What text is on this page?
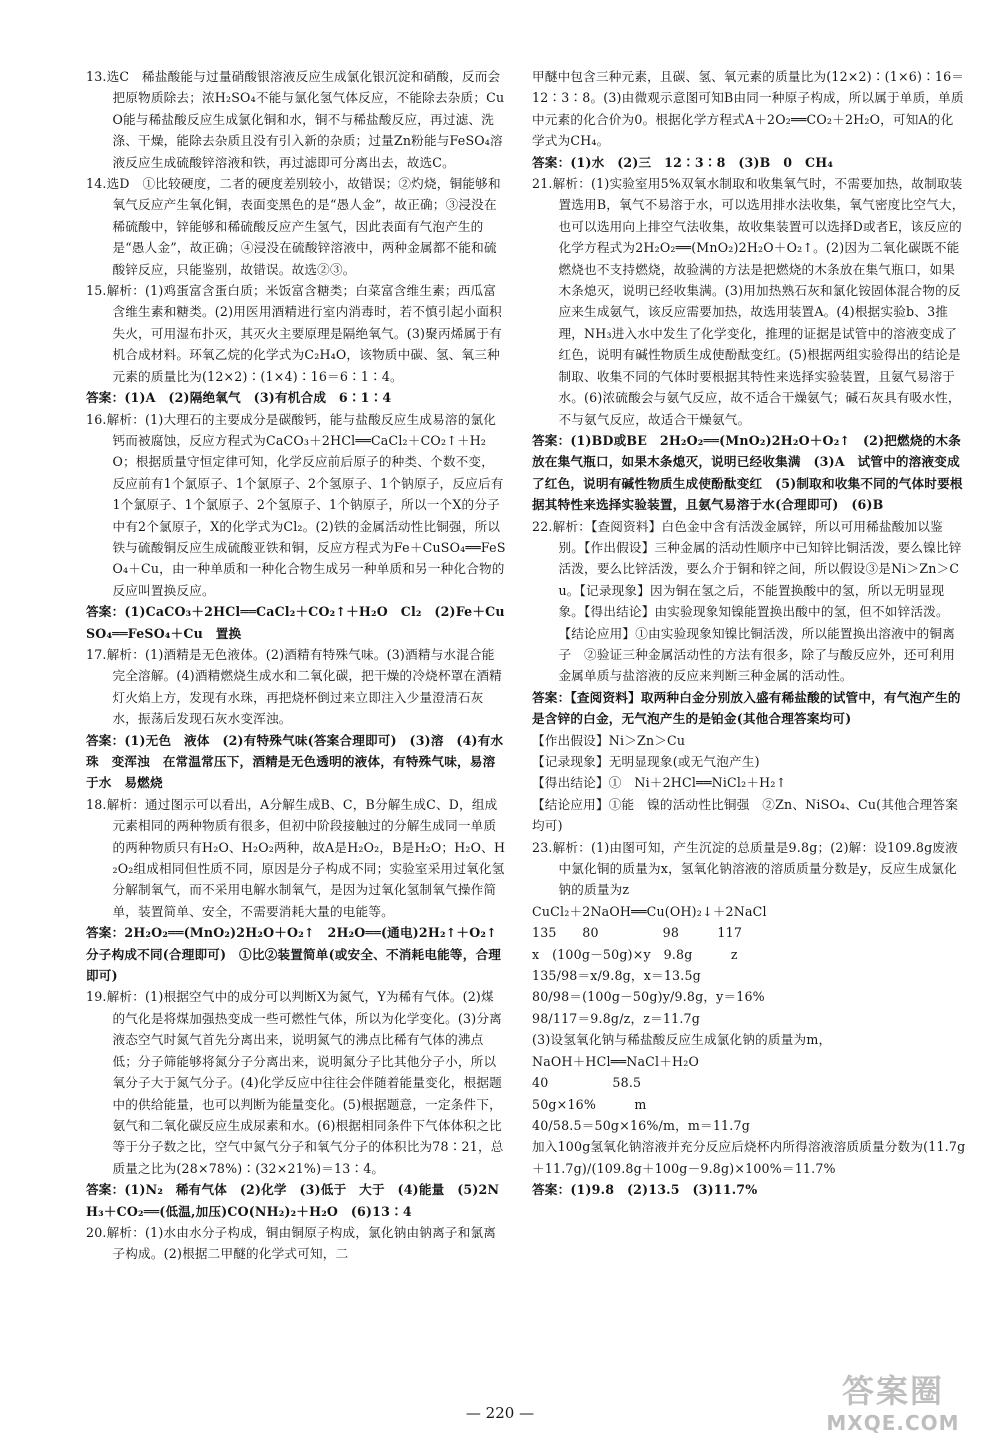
13.选C　稀盐酸能与过量硝酸银溶液反应生成氯化银沉淀和硝酸，反而会把原物质除去；浓H₂SO₄不能与氯化氢气体反应，不能除去杂质；CuO能与稀盐酸反应生成氯化铜和水，铜不与稀盐酸反应，再过滤、洗涤、干燥，能除去杂质且没有引入新的杂质；过量Zn粉能与FeSO₄溶液反应生成硫酸锌溶液和铁，再过滤即可分离出去，故选C。

14.选D　①比较硬度，二者的硬度差别较小，故错误；②灼烧，铜能够和氧气反应产生氧化铜，表面变黑色的是“愚人金”，故正确；③浸没在稀硫酸中，锌能够和稀硫酸反应产生氢气，因此表面有气泡产生的是“愚人金”，故正确；④浸没在硫酸锌溶液中，两种金属都不能和硫酸锌反应，只能鉴别，故错误。故选②③。

15.解析：(1)鸡蛋富含蛋白质；米饭富含糖类；白菜富含维生素；西瓜富含维生素和糖类。(2)用医用酒精进行室内消毒时，若不慎引起小面积失火，可用湿布扑灭，其灭火主要原理是隔绝氧气。(3)聚丙烯属于有机合成材料。环氧乙烷的化学式为C₂H₄O，该物质中碳、氢、氧三种元素的质量比为(12×2)∶(1×4)∶16＝6∶1∶4。

答案：(1)A　(2)隔绝氧气　(3)有机合成　6∶1∶4

16.解析：(1)大理石的主要成分是碳酸钙，能与盐酸反应生成易溶的氯化钙而被腐蚀，反应方程式为CaCO₃＋2HCl══CaCl₂＋CO₂↑＋H₂O；根据质量守恒定律可知，化学反应前后原子的种类、个数不变，反应前有1个氯原子、1个氯原子、2个氢原子、1个钠原子，反应后有1个氯原子、1个氯原子、2个氢原子、1个钠原子，所以一个X的分子中有2个氯原子，X的化学式为Cl₂。(2)铁的金属活动性比铜强，所以铁与硫酸铜反应生成硫酸亚铁和铜，反应方程式为Fe＋CuSO₄══FeSO₄＋Cu，由一种单质和一种化合物生成另一种单质和另一种化合物的反应叫置换反应。

答案：(1)CaCO₃＋2HCl══CaCl₂＋CO₂↑＋H₂O　Cl₂　(2)Fe＋CuSO₄══FeSO₄＋Cu　置换

17.解析：(1)酒精是无色液体。(2)酒精有特殊气味。(3)酒精与水混合能完全溶解。(4)酒精燃烧生成水和二氧化碳，把干燥的冷烧杯罩在酒精灯火焰上方，发现有水珠，再把烧杯倒过来立即注入少量澄清石灰水，振荡后发现石灰水变浑浊。

答案：(1)无色　液体　(2)有特殊气味(答案合理即可)　(3)溶　(4)有水珠　变浑浊　在常温常压下，酒精是无色透明的液体，有特殊气味，易溶于水　易燃烧

18.解析：通过图示可以看出，A分解生成B、C，B分解生成C、D，组成元素相同的两种物质有很多，但初中阶段接触过的分解生成同一单质的两种物质只有H₂O、H₂O₂两种，故A是H₂O₂，B是H₂O；H₂O、H₂O₂组成相同但性质不同，原因是分子构成不同；实验室采用过氧化氢分解制氧气，而不采用电解水制氧气，是因为过氧化氢制氧气操作简单，装置简单、安全，不需要消耗大量的电能等。

答案：2H₂O₂══(MnO₂)2H₂O＋O₂↑　2H₂O══(通电)2H₂↑＋O₂↑　分子构成不同(合理即可)　①比②装置简单(或安全、不消耗电能等，合理即可)

19.解析：(1)根据空气中的成分可以判断X为氮气，Y为稀有气体。(2)煤的气化是将煤加强热变成一些可燃性气体，所以为化学变化。(3)分离液态空气时氮气首先分离出来，说明氮气的沸点比稀有气体的沸点低；分子筛能够将氮分子分离出来，说明氮分子比其他分子小，所以氧分子大于氮气分子。(4)化学反应中往往会伴随着能量变化，根据题中的供给能量，也可以判断为能量变化。(5)根据题意，一定条件下，氨气和二氧化碳反应生成尿素和水。(6)根据相同条件下气体体积之比等于分子数之比，空气中氮气分子和氧气分子的体积比为78∶21，总质量之比为(28×78%)∶(32×21%)＝13∶4。

答案：(1)N₂　稀有气体　(2)化学　(3)低于　大于　(4)能量　(5)2NH₃＋CO₂══(低温,加压)CO(NH₂)₂＋H₂O　(6)13∶4

20.解析：(1)水由水分子构成，铜由铜原子构成，氯化钠由钠离子和氯离子构成。(2)根据二甲醚的化学式可知，二

甲醚中包含三种元素，且碳、氢、氧元素的质量比为(12×2)∶(1×6)∶16＝12∶3∶8。(3)由微观示意图可知B由同一种原子构成，所以属于单质，单质中元素的化合价为0。根据化学方程式A＋2O₂══CO₂＋2H₂O，可知A的化学式为CH₄。

答案：(1)水　(2)三　12∶3∶8　(3)B　0　CH₄

21.解析：(1)实验室用5%双氧水制取和收集氧气时，不需要加热，故制取装置选用B，氧气不易溶于水，可以选用排水法收集，氧气密度比空气大，也可以选用向上排空气法收集，故收集装置可以选择D或者E，该反应的化学方程式为2H₂O₂══(MnO₂)2H₂O＋O₂↑。(2)因为二氧化碳既不能燃烧也不支持燃烧，故验满的方法是把燃烧的木条放在集气瓶口，如果木条熄灭，说明已经收集满。(3)用加热熟石灰和氯化铵固体混合物的反应来生成氨气，该反应需要加热，故选用装置A。(4)根据实验b、3推理，NH₃进入水中发生了化学变化，推理的证据是试管中的溶液变成了红色，说明有碱性物质生成使酚酞变红。(5)根据两组实验得出的结论是制取、收集不同的气体时要根据其特性来选择实验装置，且氨气易溶于水。(6)浓硫酸会与氨气反应，故不适合干燥氨气；碱石灰具有吸水性，不与氨气反应，故适合干燥氨气。

答案：(1)BD或BE　2H₂O₂══(MnO₂)2H₂O＋O₂↑　(2)把燃烧的木条放在集气瓶口，如果木条熄灭，说明已经收集满　(3)A　试管中的溶液变成了红色，说明有碱性物质生成使酚酞变红　(5)制取和收集不同的气体时要根据其特性来选择实验装置，且氨气易溶于水(合理即可)　(6)B

22.解析：【查阅资料】白色金中含有活泼金属锌，所以可用稀盐酸加以鉴别。【作出假设】三种金属的活动性顺序中已知锌比铜活泼，要么镍比锌活泼，要么比锌活泼，要么介于铜和锌之间，所以假设③是Ni＞Zn＞Cu。【记录现象】因为铜在氢之后，不能置换酸中的氢，所以无明显现象。【得出结论】由实验现象知镍能置换出酸中的氢，但不如锌活泼。【结论应用】①由实验现象知镍比铜活泼，所以能置换出溶液中的铜离子　②验证三种金属活动性的方法有很多，除了与酸反应外，还可利用金属单质与盐溶液的反应来判断三种金属的活动性。

答案：【查阅资料】取两种白金分别放入盛有稀盐酸的试管中，有气泡产生的是含锌的白金，无气泡产生的是铂金(其他合理答案均可)

【作出假设】Ni＞Zn＞Cu

【记录现象】无明显现象(或无气泡产生)

【得出结论】①　Ni＋2HCl══NiCl₂＋H₂↑

【结论应用】①能　镍的活动性比铜强　②Zn、NiSO₄、Cu(其他合理答案均可)

23.解析：(1)由图可知，产生沉淀的总质量是9.8g；(2)解：设109.8g废液中氯化铜的质量为x，氢氧化钠溶液的溶质质量分数是y，反应生成氯化钠的质量为z

CuCl₂＋2NaOH══Cu(OH)₂↓＋2NaCl

135　　80　　　　　98　　　117

x　(100g－50g)×y　9.8g　　　z

135/98＝x/9.8g，x＝13.5g

80/98＝(100g－50g)y/9.8g，y＝16%

98/117＝9.8g/z，z＝11.7g

(3)设氢氧化钠与稀盐酸反应生成氯化钠的质量为m，

NaOH＋HCl══NaCl＋H₂O

40　　　　　58.5

50g×16%　　　m

40/58.5＝50g×16%/m，m＝11.7g

加入100g氢氧化钠溶液并充分反应后烧杯内所得溶液溶质质量分数为(11.7g＋11.7g)/(109.8g＋100g－9.8g)×100%＝11.7%

答案：(1)9.8　(2)13.5　(3)11.7%

— 220 —
答案圈
MXQE.COM
